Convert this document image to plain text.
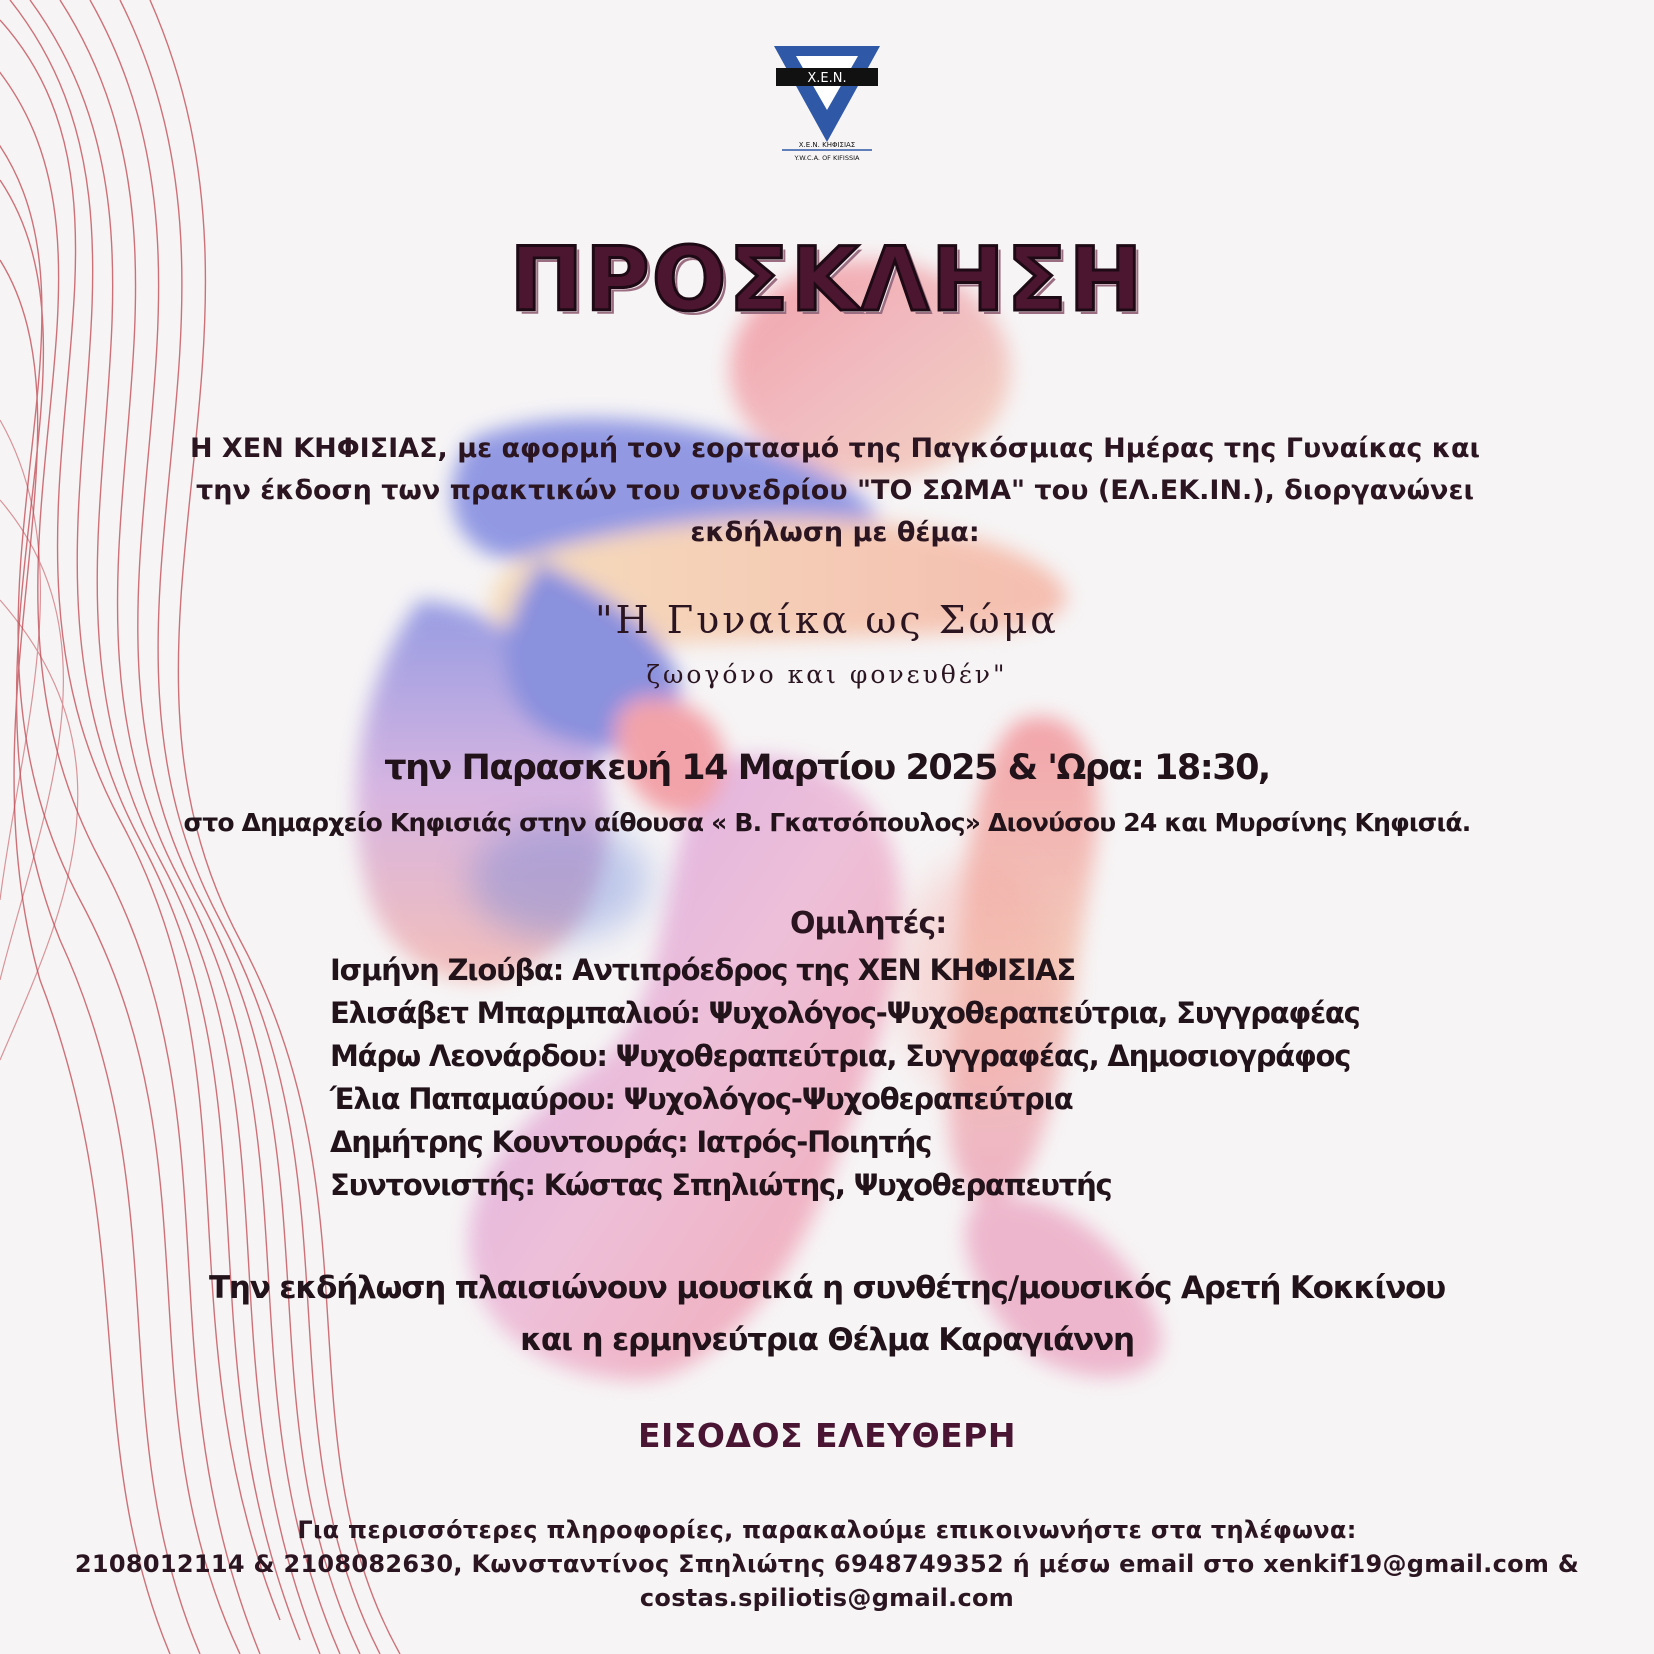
X.E.N.
Χ.Ε.Ν. ΚΗΦΙΣΙΑΣ
Y.W.C.A. OF KIFISSIA
ΠΡΟΣΚΛΗΣΗ
Η ΧΕΝ ΚΗΦΙΣΙΑΣ, με αφορμή τον εορτασμό της Παγκόσμιας Ημέρας της Γυναίκας και την έκδοση των πρακτικών του συνεδρίου "ΤΟ ΣΩΜΑ" του (ΕΛ.ΕΚ.ΙΝ.), διοργανώνει εκδήλωση με θέμα:
"Η Γυναίκα ως Σώμα
ζωογόνο και φονευθέν"
την Παρασκευή 14 Μαρτίου 2025 & 'Ωρα: 18:30,
στο Δημαρχείο Κηφισιάς στην αίθουσα « Β. Γκατσόπουλος» Διονύσου 24 και Μυρσίνης Κηφισιά.
Ομιλητές:
Ισμήνη Ζιούβα: Αντιπρόεδρος της ΧΕΝ ΚΗΦΙΣΙΑΣ
Ελισάβετ Μπαρμπαλιού: Ψυχολόγος-Ψυχοθεραπεύτρια, Συγγραφέας
Μάρω Λεονάρδου: Ψυχοθεραπεύτρια, Συγγραφέας, Δημοσιογράφος
Έλια Παπαμαύρου: Ψυχολόγος-Ψυχοθεραπεύτρια
Δημήτρης Κουντουράς: Ιατρός-Ποιητής
Συντονιστής: Κώστας Σπηλιώτης, Ψυχοθεραπευτής
Την εκδήλωση πλαισιώνουν μουσικά η συνθέτης/μουσικός Αρετή Κοκκίνου
και η ερμηνεύτρια Θέλμα Καραγιάννη
ΕΙΣΟΔΟΣ ΕΛΕΥΘΕΡΗ
Για περισσότερες πληροφορίες, παρακαλούμε επικοινωνήστε στα τηλέφωνα:
2108012114 & 2108082630, Κωνσταντίνος Σπηλιώτης 6948749352 ή μέσω email στο xenkif19@gmail.com &
costas.spiliotis@gmail.com
